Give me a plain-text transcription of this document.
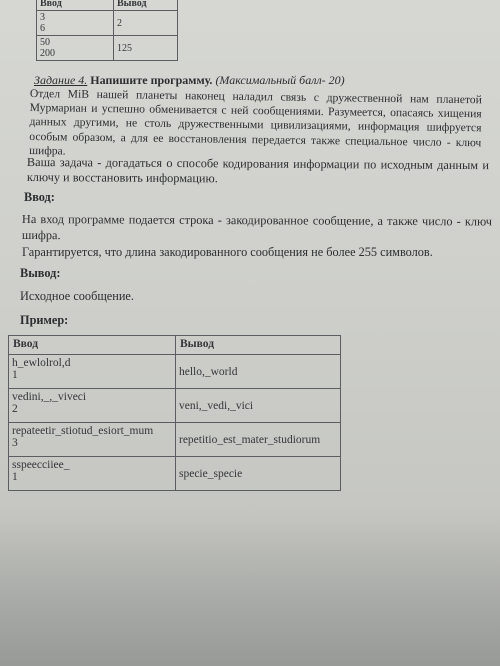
Ввод	Вывод

3
6	2

50
200	125
Задание 4. Напишите программу. (Максимальный балл- 20)
Отдел MiB нашей планеты наконец наладил связь с дружественной нам планетой Мурмариан и успешно обменивается с ней сообщениями. Разумеется, опасаясь хищения данных другими, не столь дружественными цивилизациями, информация шифруется особым образом, а для ее восстановления передается также специальное число - ключ шифра.
Ваша задача - догадаться о способе кодирования информации по исходным данным и ключу и восстановить информацию.
Ввод:
На вход программе подается строка - закодированное сообщение, а также число - ключ шифра.
Гарантируется, что длина закодированного сообщения не более 255 символов.
Вывод:
Исходное сообщение.
Пример:
Ввод	Вывод

h_ewlolrol,d
1	hello,_world

vedini,_,_viveci
2	veni,_vedi,_vici

repateetir_stiotud_esiort_mum
3	repetitio_est_mater_studiorum

sspeecciiee_
1	specie_specie
